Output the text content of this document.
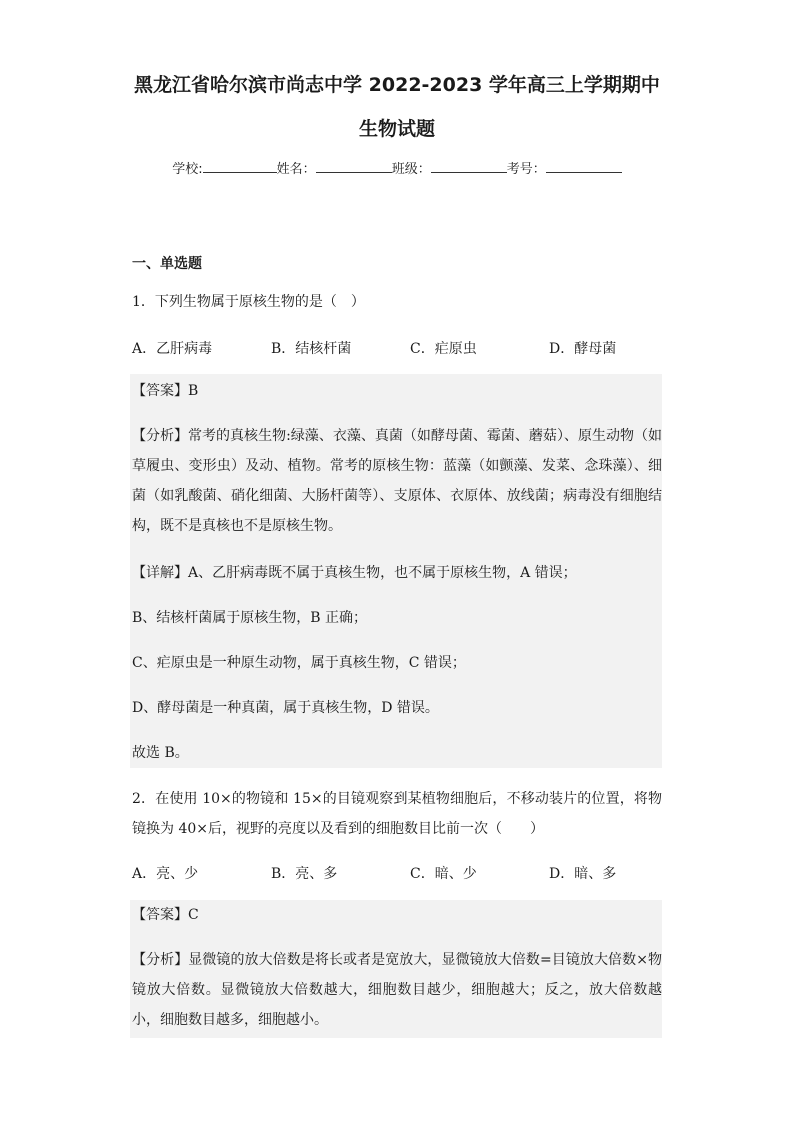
黑龙江省哈尔滨市尚志中学 2022-2023 学年高三上学期期中
生物试题
学校:	姓名：	班级：	考号：
一、单选题
1．下列生物属于原核生物的是（　）
A．乙肝病毒	B．结核杆菌	C．疟原虫	D．酵母菌
【答案】B
【分析】常考的真核生物:绿藻、衣藻、真菌（如酵母菌、霉菌、蘑菇）、原生动物（如草履虫、变形虫）及动、植物。常考的原核生物：蓝藻（如颤藻、发菜、念珠藻）、细菌（如乳酸菌、硝化细菌、大肠杆菌等）、支原体、衣原体、放线菌；病毒没有细胞结构，既不是真核也不是原核生物。
【详解】A、乙肝病毒既不属于真核生物，也不属于原核生物，A 错误；
B、结核杆菌属于原核生物，B 正确；
C、疟原虫是一种原生动物，属于真核生物，C 错误；
D、酵母菌是一种真菌，属于真核生物，D 错误。
故选 B。
2．在使用 10×的物镜和 15×的目镜观察到某植物细胞后，不移动装片的位置，将物镜换为 40×后，视野的亮度以及看到的细胞数目比前一次（　　）
A．亮、少	B．亮、多	C．暗、少	D．暗、多
【答案】C
【分析】显微镜的放大倍数是将长或者是宽放大，显微镜放大倍数=目镜放大倍数×物镜放大倍数。显微镜放大倍数越大，细胞数目越少，细胞越大；反之，放大倍数越小，细胞数目越多，细胞越小。
